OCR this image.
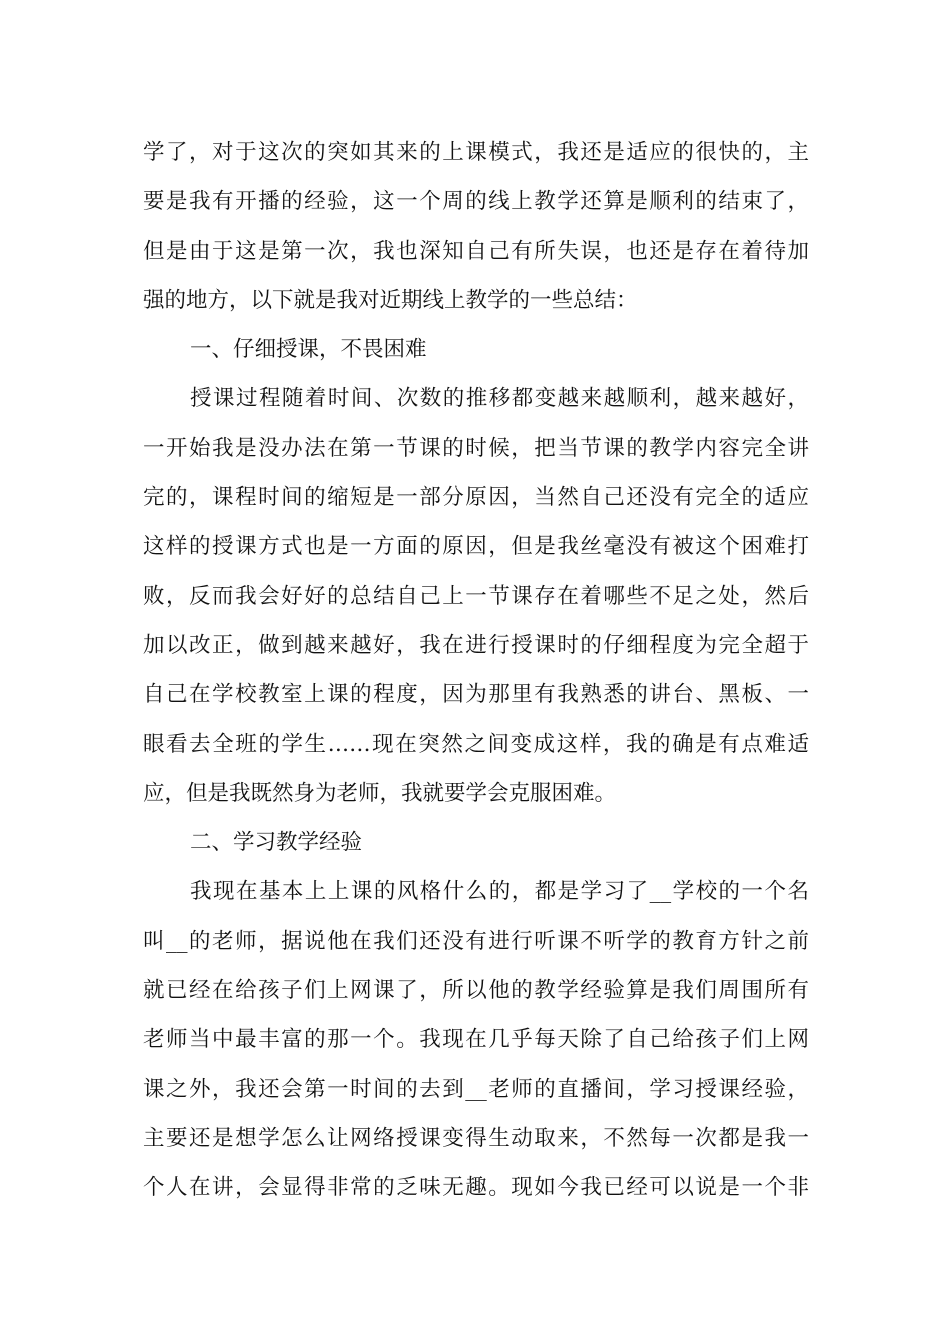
学了，对于这次的突如其来的上课模式，我还是适应的很快的，主
要是我有开播的经验，这一个周的线上教学还算是顺利的结束了，
但是由于这是第一次，我也深知自己有所失误，也还是存在着待加
强的地方，以下就是我对近期线上教学的一些总结：
一、仔细授课，不畏困难
授课过程随着时间、次数的推移都变越来越顺利，越来越好，
一开始我是没办法在第一节课的时候，把当节课的教学内容完全讲
完的，课程时间的缩短是一部分原因，当然自己还没有完全的适应
这样的授课方式也是一方面的原因，但是我丝毫没有被这个困难打
败，反而我会好好的总结自己上一节课存在着哪些不足之处，然后
加以改正，做到越来越好，我在进行授课时的仔细程度为完全超于
自己在学校教室上课的程度，因为那里有我熟悉的讲台、黑板、一
眼看去全班的学生……现在突然之间变成这样，我的确是有点难适
应，但是我既然身为老师，我就要学会克服困难。
二、学习教学经验
我现在基本上上课的风格什么的，都是学习了__学校的一个名
叫__的老师，据说他在我们还没有进行听课不听学的教育方针之前
就已经在给孩子们上网课了，所以他的教学经验算是我们周围所有
老师当中最丰富的那一个。我现在几乎每天除了自己给孩子们上网
课之外，我还会第一时间的去到__老师的直播间，学习授课经验，
主要还是想学怎么让网络授课变得生动取来，不然每一次都是我一
个人在讲，会显得非常的乏味无趣。现如今我已经可以说是一个非
